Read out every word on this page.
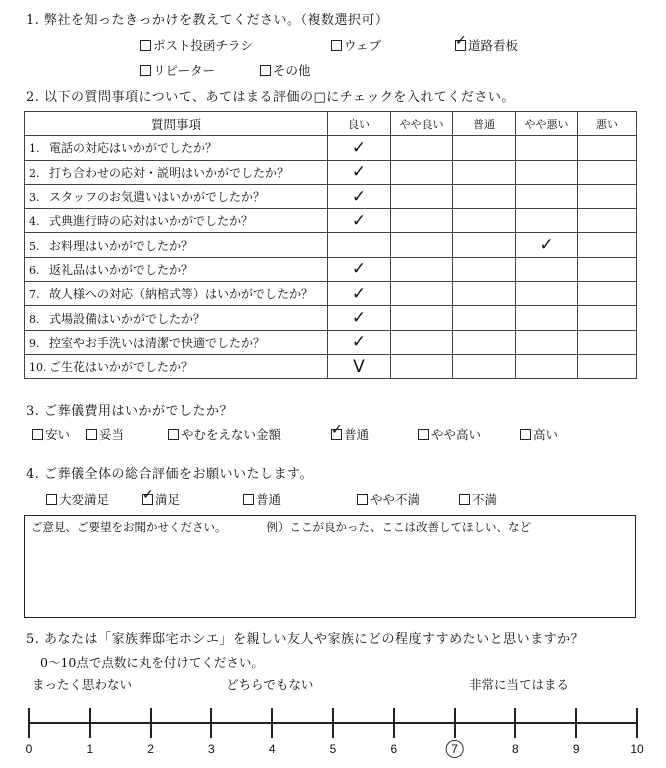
1. 弊社を知ったきっかけを教えてください。（複数選択可）
ポスト投函チラシ	ウェブ ✓	道路看板
リピーター	その他
2. 以下の質問事項について、あてはまる評価の□にチェックを入れてください。
質問事項	良い	やや良い	普通	やや悪い	悪い
1. 電話の対応はいかがでしたか？	✓				
2. 打ち合わせの応対・説明はいかがでしたか？	✓				
3. スタッフのお気遣いはいかがでしたか？	✓				
4. 式典進行時の応対はいかがでしたか？	✓				
5. お料理はいかがでしたか？				✓	
6. 返礼品はいかがでしたか？	✓				
7. 故人様への対応（納棺式等）はいかがでしたか？	✓				
8. 式場設備はいかがでしたか？	✓				
9. 控室やお手洗いは清潔で快適でしたか？	✓				
10. ご生花はいかがでしたか？	V				
3. ご葬儀費用はいかがでしたか？
安い	妥当	やむをえない金額 ✓	普通	やや高い	高い
4. ご葬儀全体の総合評価をお願いいたします。
大変満足 ✓	満足	普通	やや不満	不満
ご意見、ご要望をお聞かせください。	例）ここが良かった、ここは改善してほしい、など
5. あなたは「家族葬邸宅ホシエ」を親しい友人や家族にどの程度すすめたいと思いますか？
0〜10点で点数に丸を付けてください。
まったく思わない	どちらでもない	非常に当てはまる
0	1	2	3	4	5	6	7	8	9	10
